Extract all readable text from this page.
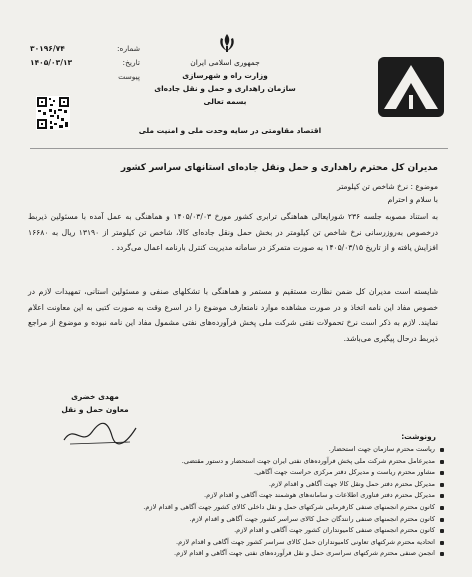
جمهوری اسلامی ایران
وزارت راه و شهرسازی
سازمان راهداری و حمل و نقل جاده‌ای
بسمه تعالی
شماره:
۳۰۱۹۶/۷۴
تاریخ:
۱۴۰۵/۰۳/۱۳
پیوست
اقتصاد مقاومتی در سایه وحدت ملی و امنیت ملی
مدیران کل محترم راهداری و حمل ونقل جاده‌ای استانهای سراسر کشور
موضوع : نرخ شاخص تن کیلومتر
با سلام و احترام
به استناد مصوبه جلسه ۲۳۶ شورایعالی هماهنگی ترابری کشور مورخ ۱۴۰۵/۰۳/۰۳ و هماهنگی به عمل آمده با مسئولین ذیربط درخصوص به‌روزرسانی نرخ شاخص تن کیلومتر در بخش حمل ونقل جاده‌ای کالا، شاخص تن کیلومتر از ۱۳۱۹۰ ریال به ۱۶۶۸۰ افزایش یافته و از تاریخ ۱۴۰۵/۰۳/۱۵ به صورت متمرکز در سامانه مدیریت کنترل بارنامه اعمال می‌گردد .
شایسته است مدیران کل ضمن نظارت مستقیم و مستمر و هماهنگی با تشکلهای صنفی و مسئولین استانی، تمهیدات لازم در خصوص مفاد این نامه اتخاذ و در صورت مشاهده موارد نامتعارف موضوع را در اسرع وقت به صورت کتبی به این معاونت اعلام نمایند. لازم به ذکر است نرخ تحمولات نفتی شرکت ملی پخش فرآورده‌های نفتی مشمول مفاد این نامه نبوده و موضوع از مراجع ذیربط درحال پیگیری می‌باشد.
مهدی خضری
معاون حمل و نقل
رونوشت:
ریاست محترم سازمان جهت استحضار.
مدیرعامل محترم شرکت ملی پخش فرآورده‌های نفتی ایران جهت استحضار و دستور مقتضی.
مشاور محترم ریاست و مدیرکل دفتر مرکزی حراست جهت آگاهی.
مدیرکل محترم دفتر حمل ونقل کالا جهت آگاهی و اقدام لازم.
مدیرکل محترم دفتر فناوری اطلاعات و سامانه‌های هوشمند جهت آگاهی و اقدام لازم.
کانون محترم انجمنهای صنفی کارفرمایی شرکتهای حمل و نقل داخلی کالای کشور جهت آگاهی و اقدام لازم.
کانون محترم انجمنهای صنفی رانندگان حمل کالای سراسر کشور جهت آگاهی و اقدام لازم.
کانون محترم انجمنهای صنفی کامیونداران کشور جهت آگاهی و اقدام لازم.
اتحادیه محترم شرکتهای تعاونی کامیونداران حمل کالای سراسر کشور جهت آگاهی و اقدام لازم.
انجمن صنفی محترم شرکتهای سراسری حمل و نقل فرآورده‌های نفتی جهت آگاهی و اقدام لازم.
